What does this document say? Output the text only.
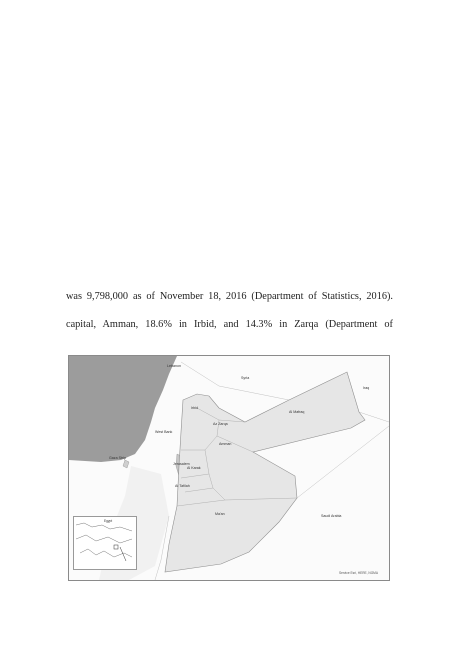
was 9,798,000 as of November 18, 2016 (Department of Statistics, 2016).
capital, Amman, 18.6% in Irbid, and 14.3% in Zarqa (Department of
Lebanon
Syria
Iraq
Irbid
Al Mafraq
Az Zarqa
Amman
West Bank
Gaza Strip
Jerusalem
Al Karak
At Tafilah
Ma'an	Saudi Arabia
Egypt
Service Esri, HERE, NGMA
